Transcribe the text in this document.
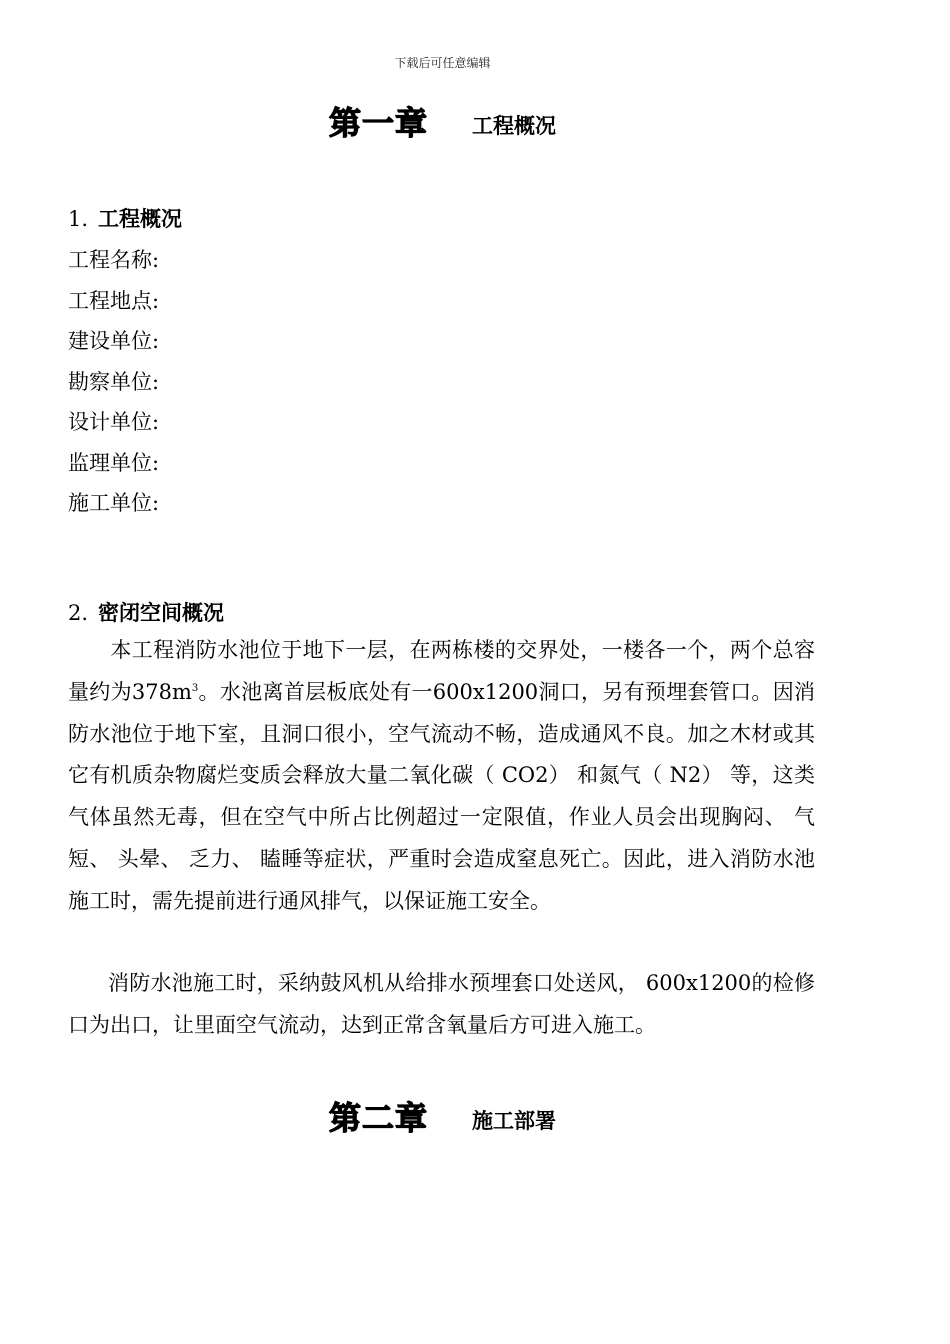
下载后可任意编辑
第一章 工程概况
1. 工程概况
工程名称:
工程地点:
建设单位:
勘察单位:
设计单位:
监理单位:
施工单位:
2. 密闭空间概况

　本工程消防水池位于地下一层，在两栋楼的交界处，一楼各一个，两个总容量约为$378m^3$。水池离首层板底处有一600x1200洞口，另有预埋套管口。因消防水池位于地下室，且洞口很小，空气流动不畅，造成通风不良。加之木材或其它有机质杂物腐烂变质会释放大量二氧化碳（ CO2） 和氮气（ N2） 等，这类气体虽然无毒，但在空气中所占比例超过一定限值，作业人员会出现胸闷、 气短、 头晕、 乏力、 瞌睡等症状，严重时会造成窒息死亡。因此，进入消防水池施工时，需先提前进行通风排气，以保证施工安全。

消防水池施工时，采纳鼓风机从给排水预埋套口处送风， 600x1200的检修口为出口，让里面空气流动，达到正常含氧量后方可进入施工。

第二章 施工部署
